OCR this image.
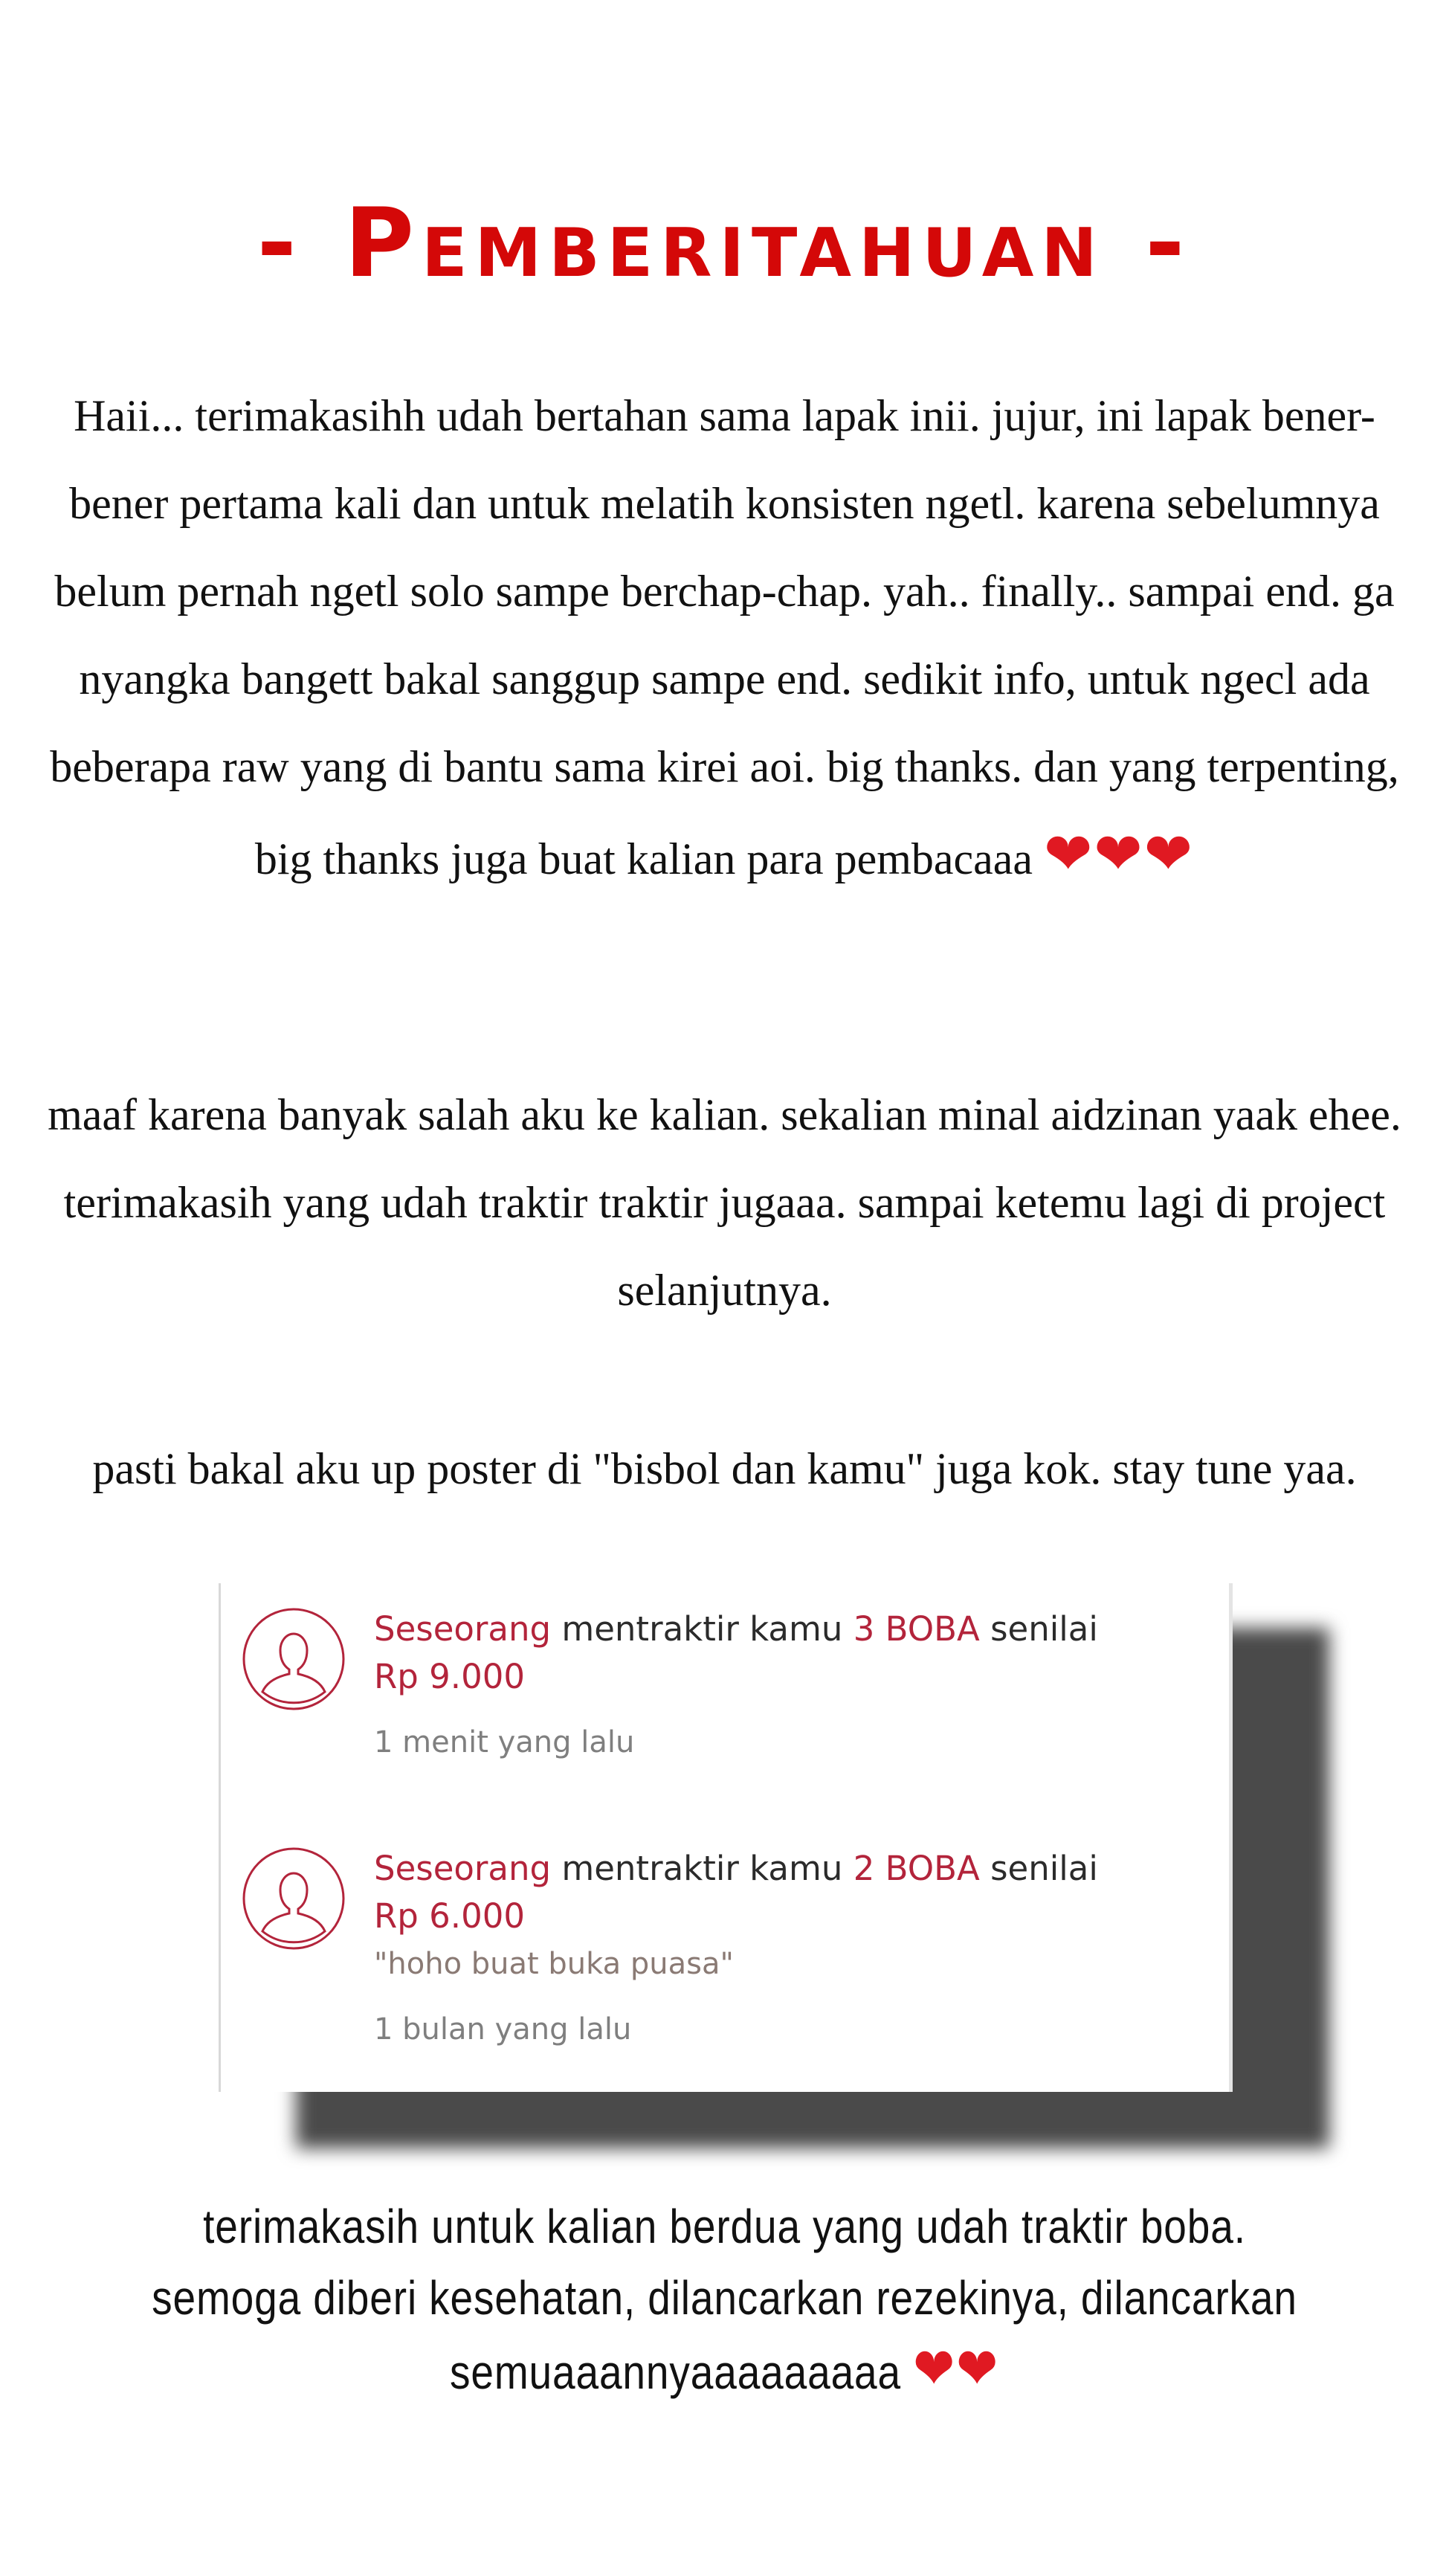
- Pemberitahuan -

Haii... terimakasihh udah bertahan sama lapak inii. jujur, ini lapak bener-bener pertama kali dan untuk melatih konsisten ngetl. karena sebelumnya belum pernah ngetl solo sampe berchap-chap. yah.. finally.. sampai end. ga nyangka bangett bakal sanggup sampe end. sedikit info, untuk ngecl ada beberapa raw yang di bantu sama kirei aoi. big thanks. dan yang terpenting, big thanks juga buat kalian para pembacaaa ❤❤❤

maaf karena banyak salah aku ke kalian. sekalian minal aidzinan yaak ehee. terimakasih yang udah traktir traktir jugaaa. sampai ketemu lagi di project selanjutnya.

pasti bakal aku up poster di "bisbol dan kamu" juga kok. stay tune yaa.

Seseorang mentraktir kamu 3 BOBA senilai
Rp 9.000
1 menit yang lalu
Seseorang mentraktir kamu 2 BOBA senilai
Rp 6.000
"hoho buat buka puasa"
1 bulan yang lalu

terimakasih untuk kalian berdua yang udah traktir boba. semoga diberi kesehatan, dilancarkan rezekinya, dilancarkan semuaaannyaaaaaaaaa ❤❤
